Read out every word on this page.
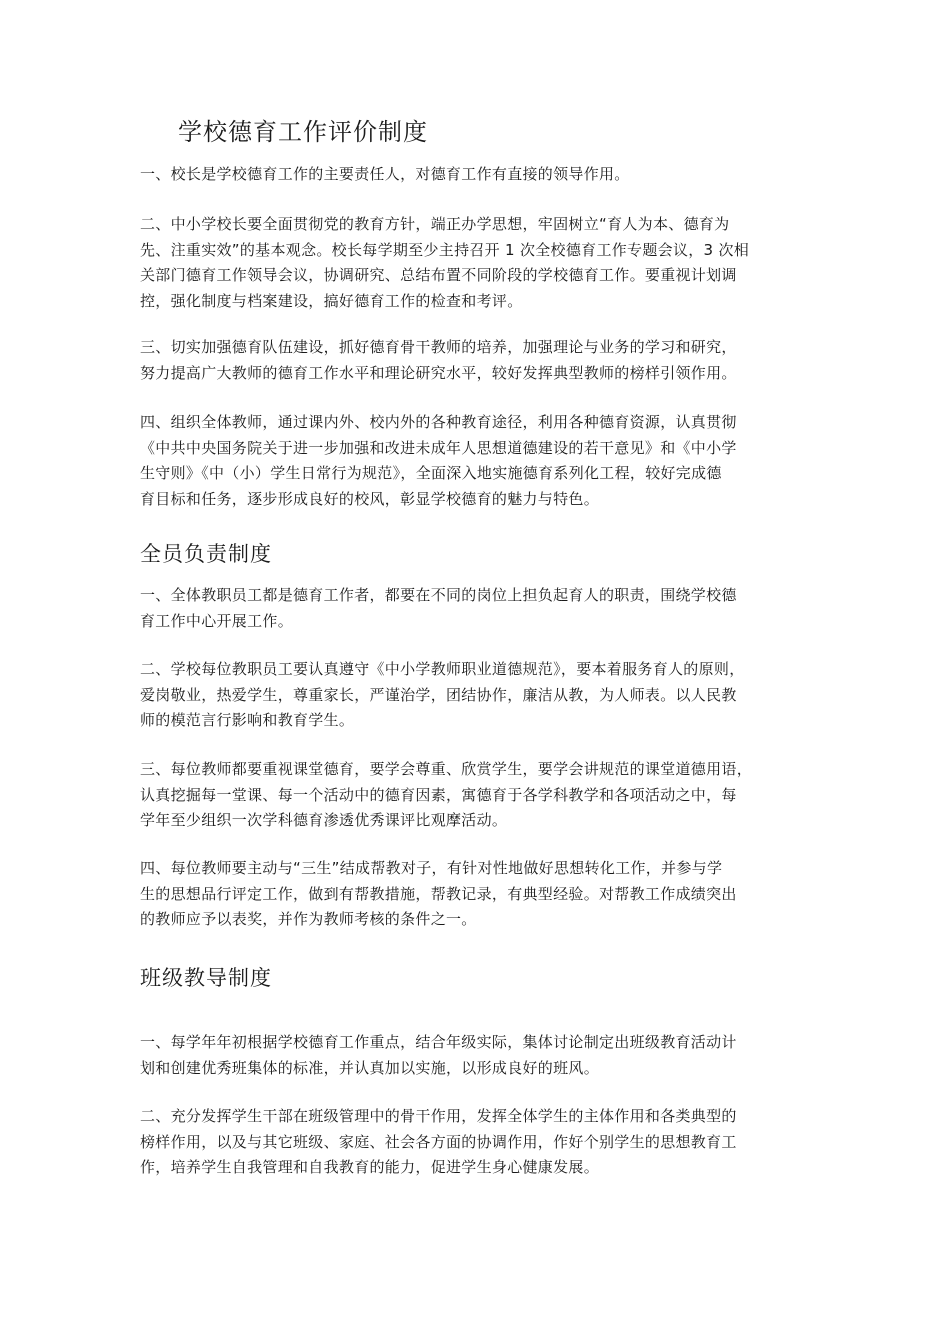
学校德育工作评价制度
一、校长是学校德育工作的主要责任人，对德育工作有直接的领导作用。
二、中小学校长要全面贯彻党的教育方针，端正办学思想，牢固树立“育人为本、德育为
先、注重实效”的基本观念。校长每学期至少主持召开 1 次全校德育工作专题会议，3 次相
关部门德育工作领导会议，协调研究、总结布置不同阶段的学校德育工作。要重视计划调
控，强化制度与档案建设，搞好德育工作的检查和考评。
三、切实加强德育队伍建设，抓好德育骨干教师的培养，加强理论与业务的学习和研究，
努力提高广大教师的德育工作水平和理论研究水平，较好发挥典型教师的榜样引领作用。
四、组织全体教师，通过课内外、校内外的各种教育途径，利用各种德育资源，认真贯彻
《中共中央国务院关于进一步加强和改进未成年人思想道德建设的若干意见》和《中小学
生守则》《中（小）学生日常行为规范》，全面深入地实施德育系列化工程，较好完成德
育目标和任务，逐步形成良好的校风，彰显学校德育的魅力与特色。
全员负责制度
一、全体教职员工都是德育工作者，都要在不同的岗位上担负起育人的职责，围绕学校德
育工作中心开展工作。
二、学校每位教职员工要认真遵守《中小学教师职业道德规范》，要本着服务育人的原则，
爱岗敬业，热爱学生，尊重家长，严谨治学，团结协作，廉洁从教，为人师表。以人民教
师的模范言行影响和教育学生。
三、每位教师都要重视课堂德育，要学会尊重、欣赏学生，要学会讲规范的课堂道德用语，
认真挖掘每一堂课、每一个活动中的德育因素，寓德育于各学科教学和各项活动之中，每
学年至少组织一次学科德育渗透优秀课评比观摩活动。
四、每位教师要主动与“三生”结成帮教对子，有针对性地做好思想转化工作，并参与学
生的思想品行评定工作，做到有帮教措施，帮教记录，有典型经验。对帮教工作成绩突出
的教师应予以表奖，并作为教师考核的条件之一。
班级教导制度
一、每学年年初根据学校德育工作重点，结合年级实际，集体讨论制定出班级教育活动计
划和创建优秀班集体的标准，并认真加以实施，以形成良好的班风。
二、充分发挥学生干部在班级管理中的骨干作用，发挥全体学生的主体作用和各类典型的
榜样作用，以及与其它班级、家庭、社会各方面的协调作用，作好个别学生的思想教育工
作，培养学生自我管理和自我教育的能力，促进学生身心健康发展。
